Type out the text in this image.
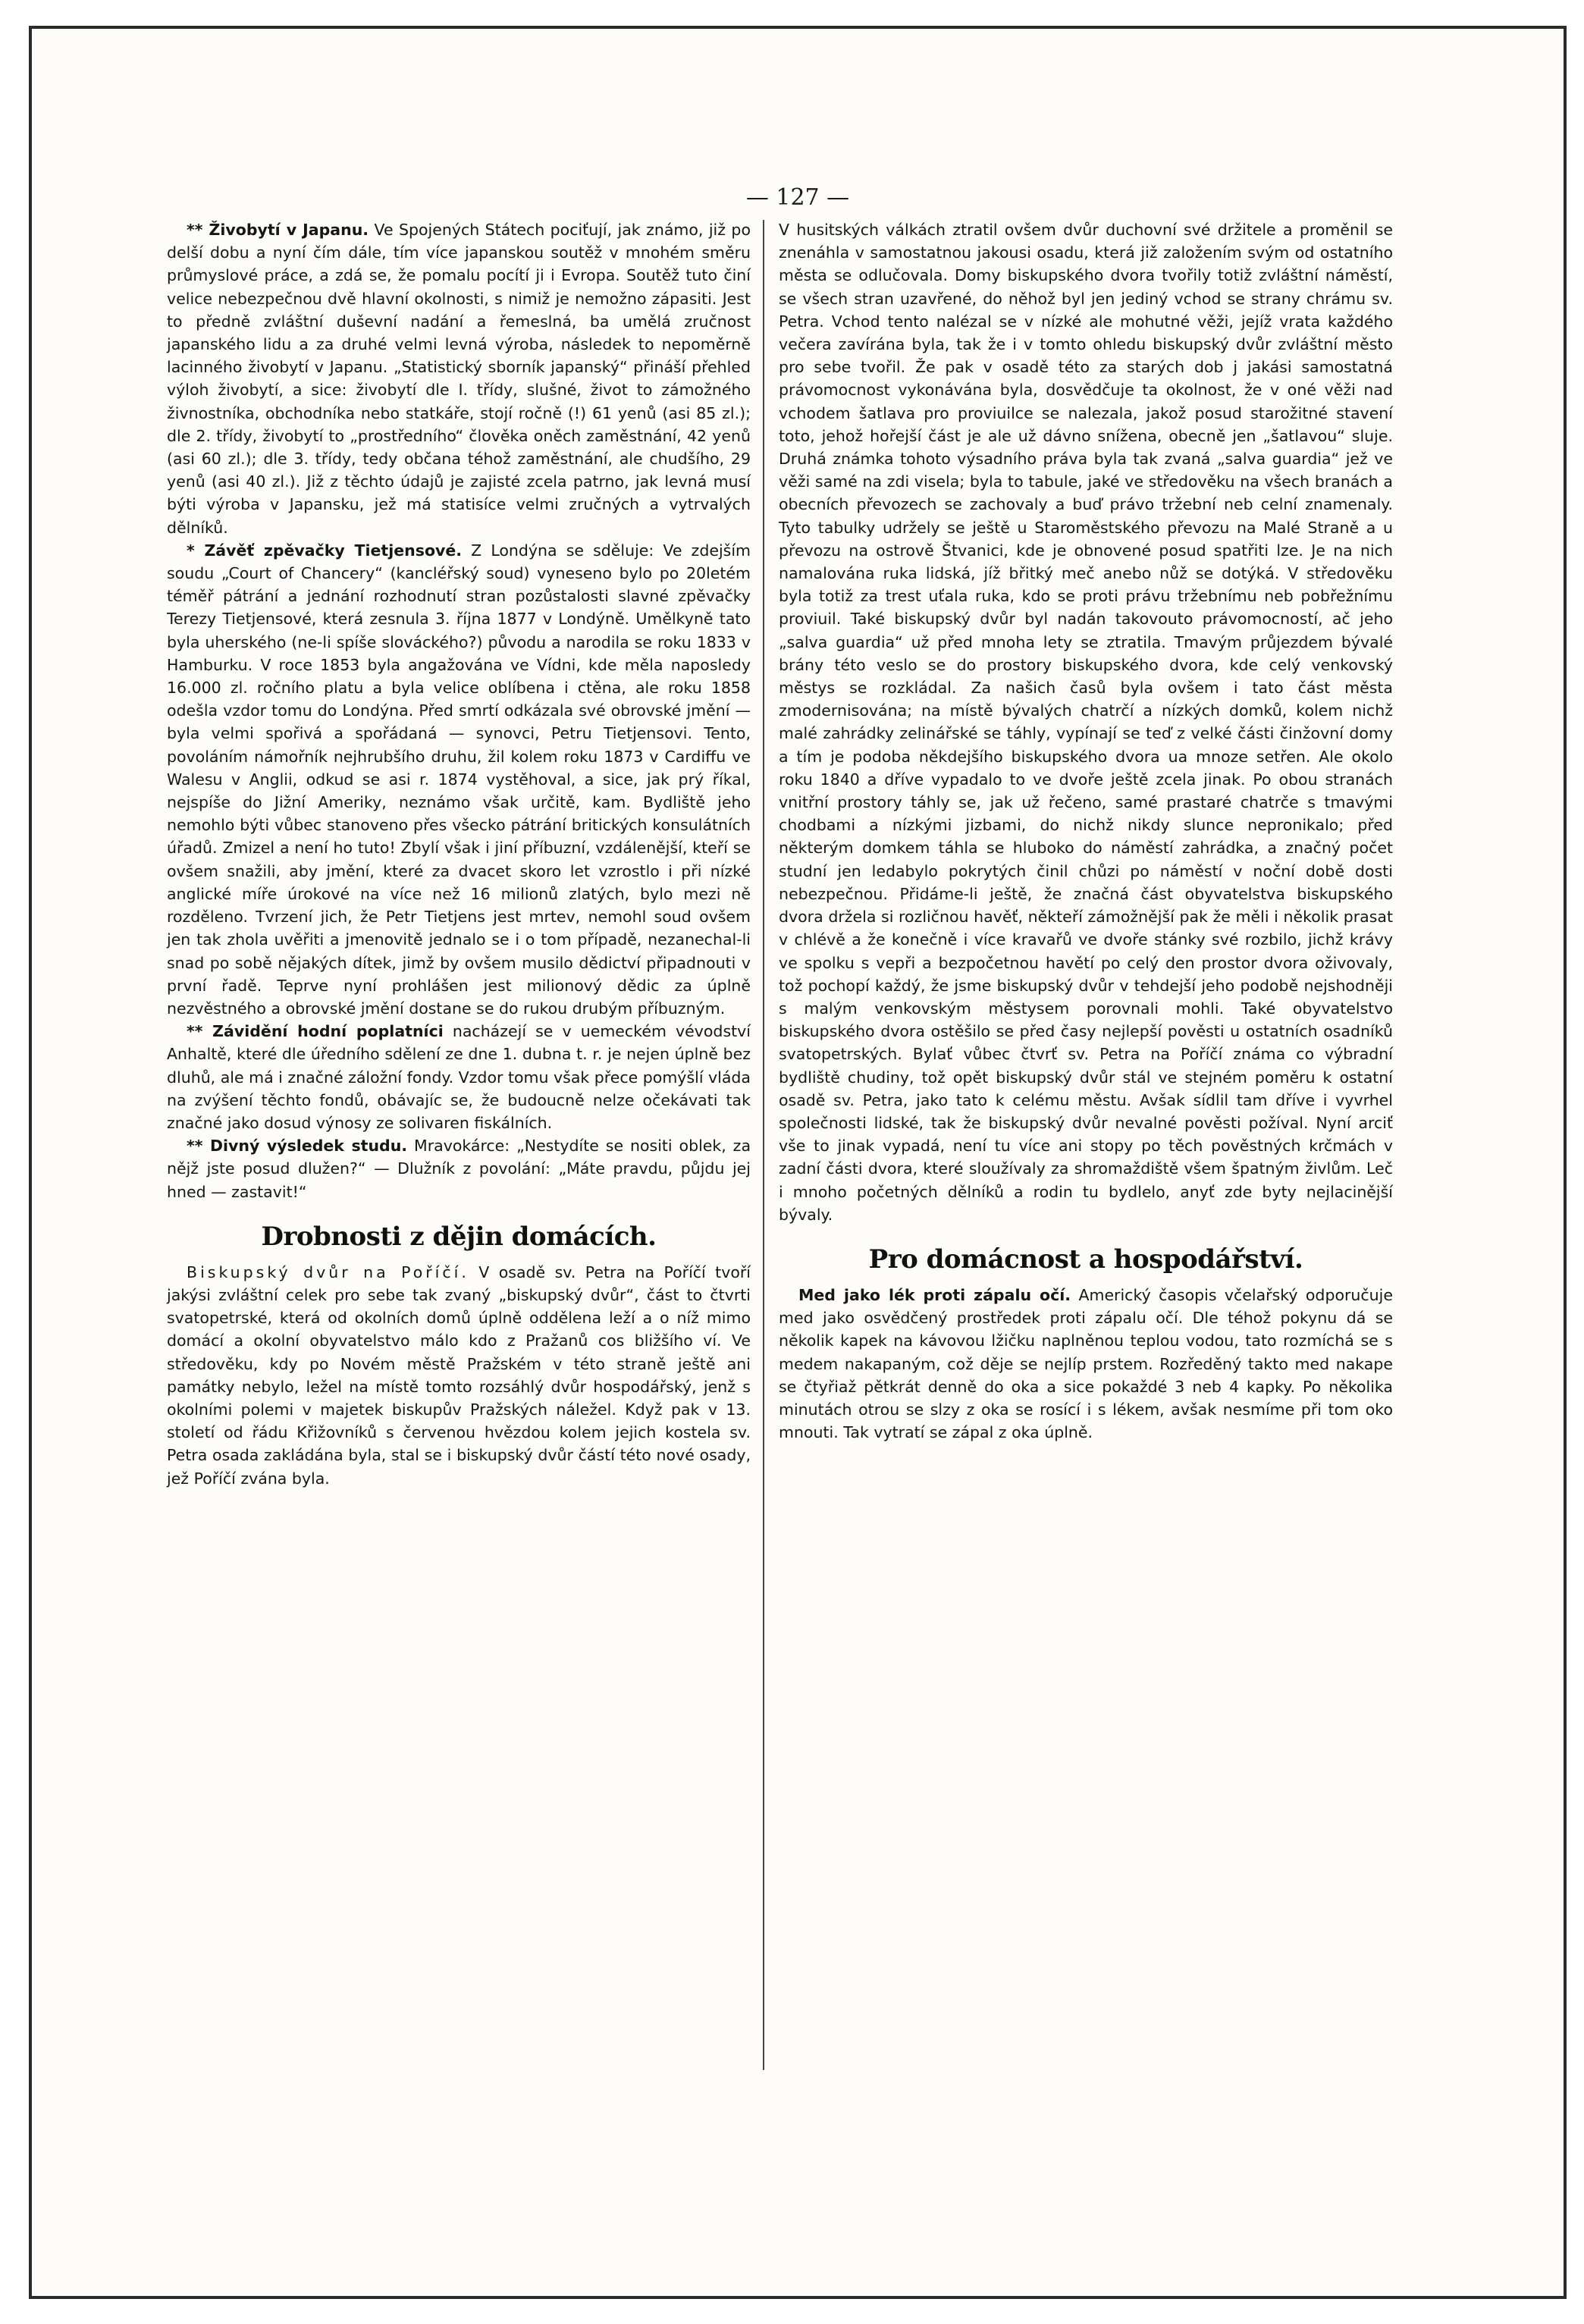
— 127 —

** Živobytí v Japanu. Ve Spojených Státech pociťují, jak známo, již po delší dobu a nyní čím dále, tím více japanskou soutěž v mnohém směru průmyslové práce, a zdá se, že pomalu pocítí ji i Evropa. Soutěž tuto činí velice nebezpečnou dvě hlavní okolnosti, s nimiž je nemožno zápasiti. Jest to předně zvláštní duševní nadání a řemeslná, ba umělá zručnost japanského lidu a za druhé velmi levná výroba, následek to nepoměrně lacinného živobytí v Japanu. „Statistický sborník japanský“ přináší přehled výloh živobytí, a sice: živobytí dle I. třídy, slušné, život to zámožného živnostníka, obchodníka nebo statkáře, stojí ročně (!) 61 yenů (asi 85 zl.); dle 2. třídy, živobytí to „prostředního“ člověka oněch zaměstnání, 42 yenů (asi 60 zl.); dle 3. třídy, tedy občana téhož zaměstnání, ale chudšího, 29 yenů (asi 40 zl.). Již z těchto údajů je zajisté zcela patrno, jak levná musí býti výroba v Japansku, jež má statisíce velmi zručných a vytrvalých dělníků.

* Závěť zpěvačky Tietjensové. Z Londýna se sděluje: Ve zdejším soudu „Court of Chancery“ (kancléřský soud) vyneseno bylo po 20letém téměř pátrání a jednání rozhodnutí stran pozůstalosti slavné zpěvačky Terezy Tietjensové, která zesnula 3. října 1877 v Londýně. Umělkyně tato byla uherského (ne-li spíše slováckého?) původu a narodila se roku 1833 v Hamburku. V roce 1853 byla angažována ve Vídni, kde měla naposledy 16.000 zl. ročního platu a byla velice oblíbena i ctěna, ale roku 1858 odešla vzdor tomu do Londýna. Před smrtí odkázala své obrovské jmění — byla velmi spořivá a spořádaná — synovci, Petru Tietjensovi. Tento, povoláním námořník nejhrubšího druhu, žil kolem roku 1873 v Cardiffu ve Walesu v Anglii, odkud se asi r. 1874 vystěhoval, a sice, jak prý říkal, nejspíše do Jižní Ameriky, neznámo však určitě, kam. Bydliště jeho nemohlo býti vůbec stanoveno přes všecko pátrání britických konsulátních úřadů. Zmizel a není ho tuto! Zbylí však i jiní příbuzní, vzdálenější, kteří se ovšem snažili, aby jmění, které za dvacet skoro let vzrostlo i při nízké anglické míře úrokové na více než 16 milionů zlatých, bylo mezi ně rozděleno. Tvrzení jich, že Petr Tietjens jest mrtev, nemohl soud ovšem jen tak zhola uvěřiti a jmenovitě jednalo se i o tom případě, nezanechal-li snad po sobě nějakých dítek, jimž by ovšem musilo dědictví připadnouti v první řadě. Teprve nyní prohlášen jest milionový dědic za úplně nezvěstného a obrovské jmění dostane se do rukou drubým příbuzným.

** Závidění hodní poplatníci nacházejí se v uemeckém vévodství Anhaltě, které dle úředního sdělení ze dne 1. dubna t. r. je nejen úplně bez dluhů, ale má i značné záložní fondy. Vzdor tomu však přece pomýšlí vláda na zvýšení těchto fondů, obávajíc se, že budoucně nelze očekávati tak značné jako dosud výnosy ze solivaren fiskálních.

** Divný výsledek studu. Mravokárce: „Nestydíte se nositi oblek, za nějž jste posud dlužen?“ — Dlužník z povolání: „Máte pravdu, půjdu jej hned — zastavit!“

Drobnosti z dějin domácích.

Biskupský dvůr na Poříčí. V osadě sv. Petra na Poříčí tvoří jakýsi zvláštní celek pro sebe tak zvaný „biskupský dvůr“, část to čtvrti svatopetrské, která od okolních domů úplně oddělena leží a o níž mimo domácí a okolní obyvatelstvo málo kdo z Pražanů cos bližšího ví. Ve středověku, kdy po Novém městě Pražském v této straně ještě ani památky nebylo, ležel na místě tomto rozsáhlý dvůr hospodářský, jenž s okolními polemi v majetek biskupův Pražských náležel. Když pak v 13. století od řádu Křižovníků s červenou hvězdou kolem jejich kostela sv. Petra osada zakládána byla, stal se i biskupský dvůr částí této nové osady, jež Poříčí zvána byla.

V husitských válkách ztratil ovšem dvůr duchovní své držitele a proměnil se znenáhla v samostatnou jakousi osadu, která již založením svým od ostatního města se odlučovala. Domy biskupského dvora tvořily totiž zvláštní náměstí, se všech stran uzavřené, do něhož byl jen jediný vchod se strany chrámu sv. Petra. Vchod tento nalézal se v nízké ale mohutné věži, jejíž vrata každého večera zavírána byla, tak že i v tomto ohledu biskupský dvůr zvláštní město pro sebe tvořil. Že pak v osadě této za starých dob j jakási samostatná právomocnost vykonávána byla, dosvědčuje ta okolnost, že v oné věži nad vchodem šatlava pro proviuilce se nalezala, jakož posud starožitné stavení toto, jehož hořejší část je ale už dávno snížena, obecně jen „šatlavou“ sluje. Druhá známka tohoto výsadního práva byla tak zvaná „salva guardia“ jež ve věži samé na zdi visela; byla to tabule, jaké ve středověku na všech branách a obecních převozech se zachovaly a buď právo tržební neb celní znamenaly. Tyto tabulky udržely se ještě u Staroměstského převozu na Malé Straně a u převozu na ostrově Štvanici, kde je obnovené posud spatřiti lze. Je na nich namalována ruka lidská, jíž břitký meč anebo nůž se dotýká. V středověku byla totiž za trest uťala ruka, kdo se proti právu tržebnímu neb pobřežnímu proviuil. Také biskupský dvůr byl nadán takovouto právomocností, ač jeho „salva guardia“ už před mnoha lety se ztratila. Tmavým průjezdem bývalé brány této veslo se do prostory biskupského dvora, kde celý venkovský městys se rozkládal. Za našich časů byla ovšem i tato část města zmodernisována; na místě bývalých chatrčí a nízkých domků, kolem nichž malé zahrádky zelinářské se táhly, vypínají se teď z velké části činžovní domy a tím je podoba někdejšího biskupského dvora ua mnoze setřen. Ale okolo roku 1840 a dříve vypadalo to ve dvoře ještě zcela jinak. Po obou stranách vnitřní prostory táhly se, jak už řečeno, samé prastaré chatrče s tmavými chodbami a nízkými jizbami, do nichž nikdy slunce nepronikalo; před některým domkem táhla se hluboko do náměstí zahrádka, a značný počet studní jen ledabylo pokrytých činil chůzi po náměstí v noční době dosti nebezpečnou. Přidáme-li ještě, že značná část obyvatelstva biskupského dvora držela si rozličnou havěť, někteří zámožnější pak že měli i několik prasat v chlévě a že konečně i více kravařů ve dvoře stánky své rozbilo, jichž krávy ve spolku s vepři a bezpočetnou havětí po celý den prostor dvora oživovaly, tož pochopí každý, že jsme biskupský dvůr v tehdejší jeho podobě nejshodněji s malým venkovským městysem porovnali mohli. Také obyvatelstvo biskupského dvora ostěšilo se před časy nejlepší pověsti u ostatních osadníků svatopetrských. Bylať vůbec čtvrť sv. Petra na Poříčí známa co výbradní bydliště chudiny, tož opět biskupský dvůr stál ve stejném poměru k ostatní osadě sv. Petra, jako tato k celému městu. Avšak sídlil tam dříve i vyvrhel společnosti lidské, tak že biskupský dvůr nevalné pověsti požíval. Nyní arciť vše to jinak vypadá, není tu více ani stopy po těch pověstných krčmách v zadní části dvora, které sloužívaly za shromaždiště všem špatným živlům. Leč i mnoho početných dělníků a rodin tu bydlelo, anyť zde byty nejlacinější bývaly.

Pro domácnost a hospodářství.

Med jako lék proti zápalu očí. Americký časopis včelařský odporučuje med jako osvědčený prostředek proti zápalu očí. Dle téhož pokynu dá se několik kapek na kávovou lžičku naplněnou teplou vodou, tato rozmíchá se s medem nakapaným, což děje se nejlíp prstem. Rozředěný takto med nakape se čtyřiaž pětkrát denně do oka a sice pokaždé 3 neb 4 kapky. Po několika minutách otrou se slzy z oka se rosící i s lékem, avšak nesmíme při tom oko mnouti. Tak vytratí se zápal z oka úplně.
